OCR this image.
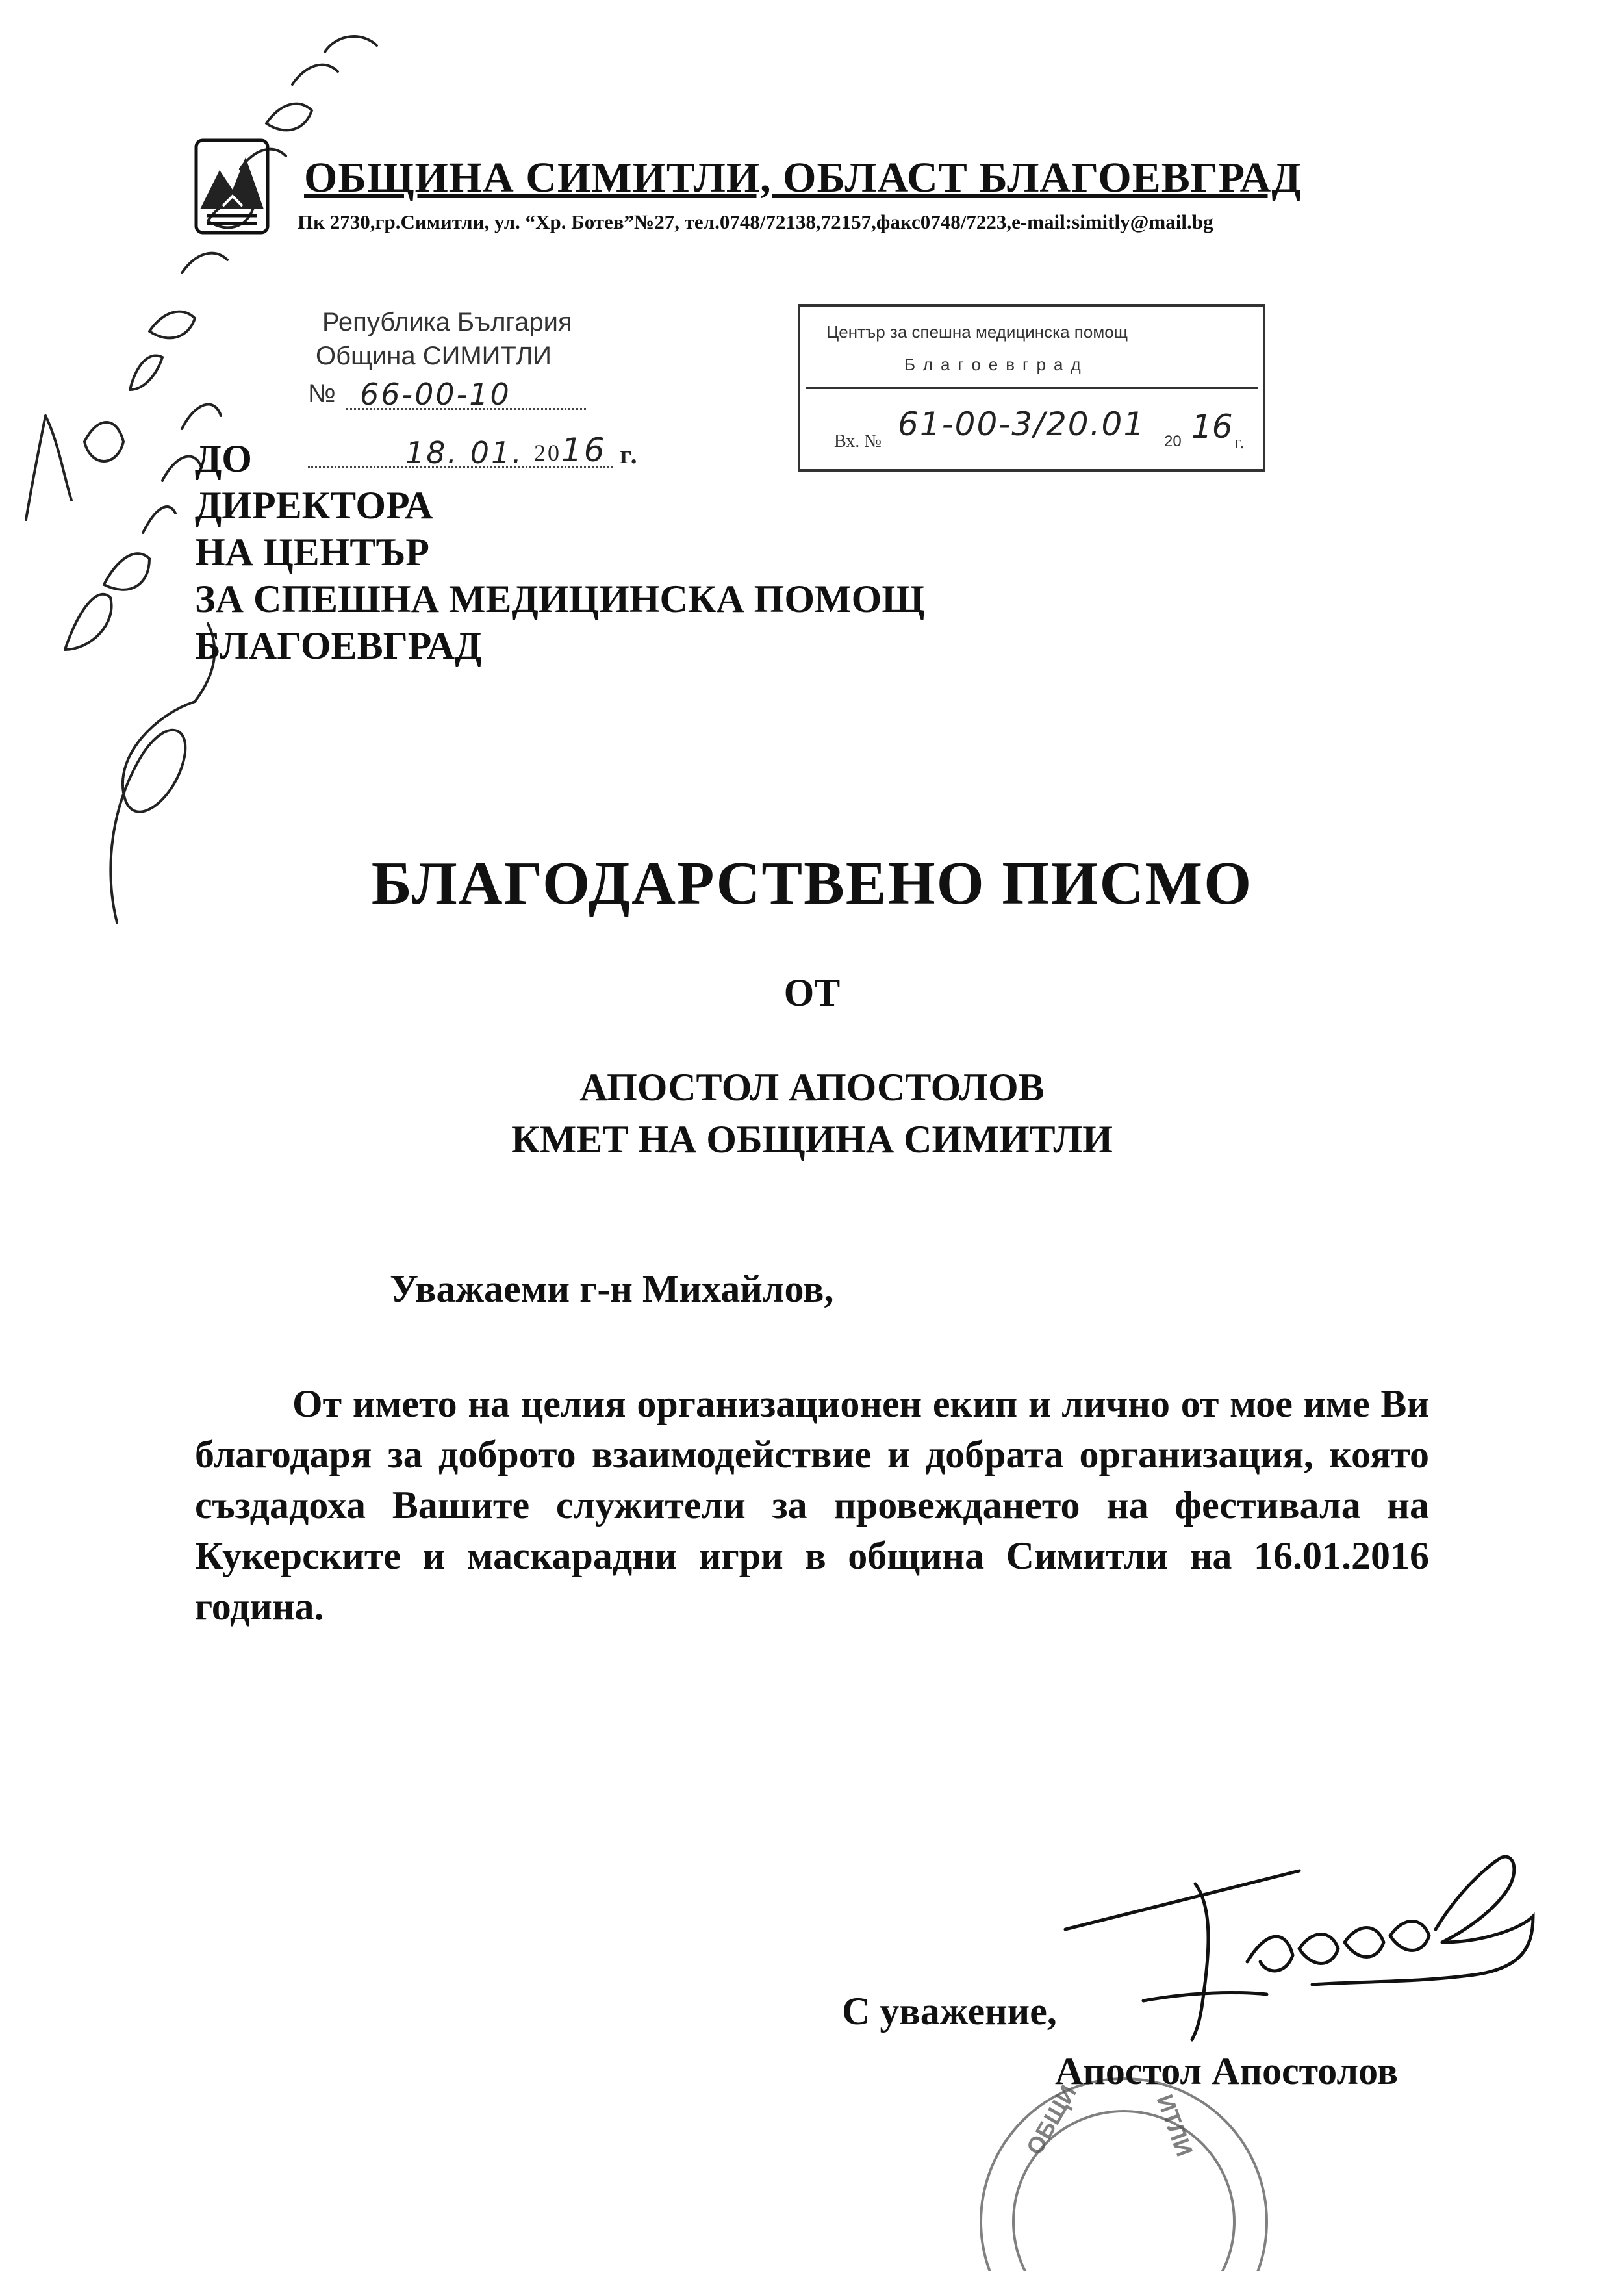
ОБЩИНА СИМИТЛИ, ОБЛАСТ БЛАГОЕВГРАД
Пк 2730,гр.Симитли, ул. “Хр. Ботев”№27, тел.0748/72138,72157,факс0748/7223,e-mail:simitly@mail.bg
Република България
Община СИМИТЛИ
№ 66-00-10
18. 01. 20 16 г.
Център за спешна медицинска помощ
Благоевград
Вх. № 61-00-3/20.01 20 16 г.
ДО
ДИРЕКТОРА
НА ЦЕНТЪР
ЗА СПЕШНА МЕДИЦИНСКА ПОМОЩ
БЛАГОЕВГРАД
БЛАГОДАРСТВЕНО ПИСМО
ОТ
АПОСТОЛ АПОСТОЛОВ
КМЕТ НА ОБЩИНА СИМИТЛИ
Уважаеми г-н Михайлов,
От името на целия организационен екип и лично от мое име Ви благодаря за доброто взаимодействие и добрата организация, която създадоха Вашите служители за провеждането на фестивала на Кукерските и маскарадни игри в община Симитли на 16.01.2016 година.
ИТЛИ
ОБЩИ
С уважение,
Апостол Апостолов
